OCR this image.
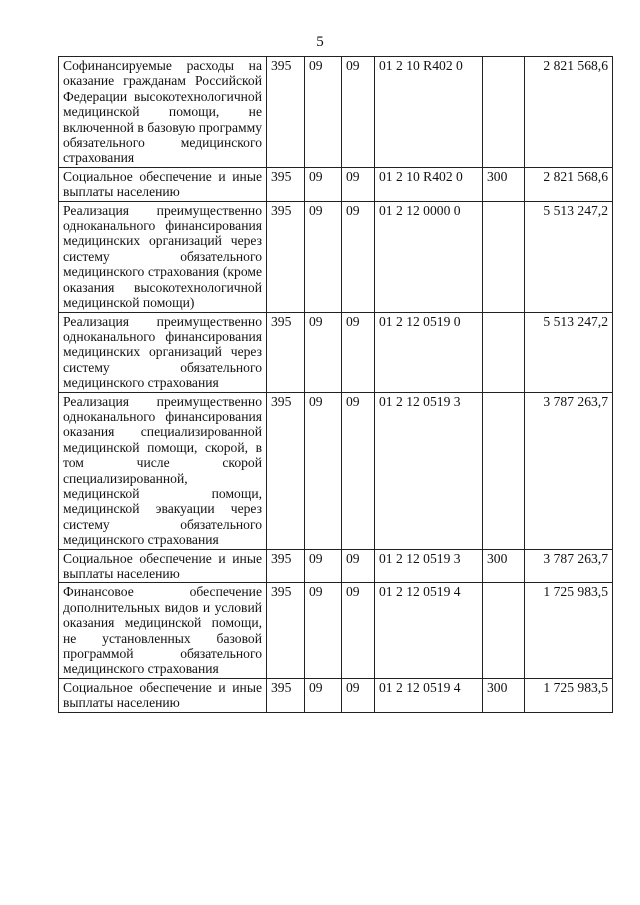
5
Софинансируемые расходы на оказание гражданам Российской Федерации высокотехнологичной медицинской помощи, не включенной в базовую программу обязательного медицинского страхования	395	09	09	01 2 10 R402 0		2 821 568,6
Социальное обеспечение и иные выплаты населению	395	09	09	01 2 10 R402 0	300	2 821 568,6
Реализация преимущественно одноканального финансирования медицинских организаций через систему обязательного медицинского страхования (кроме оказания высокотехнологичной медицинской помощи)	395	09	09	01 2 12 0000 0		5 513 247,2
Реализация преимущественно одноканального финансирования медицинских организаций через систему обязательного медицинского страхования	395	09	09	01 2 12 0519 0		5 513 247,2
Реализация преимущественно одноканального финансирования оказания специализированной медицинской помощи, скорой, в том числе скорой специализированной, медицинской помощи, медицинской эвакуации через систему обязательного медицинского страхования	395	09	09	01 2 12 0519 3		3 787 263,7
Социальное обеспечение и иные выплаты населению	395	09	09	01 2 12 0519 3	300	3 787 263,7
Финансовое обеспечение дополнительных видов и условий оказания медицинской помощи, не установленных базовой программой обязательного медицинского страхования	395	09	09	01 2 12 0519 4		1 725 983,5
Социальное обеспечение и иные выплаты населению	395	09	09	01 2 12 0519 4	300	1 725 983,5
